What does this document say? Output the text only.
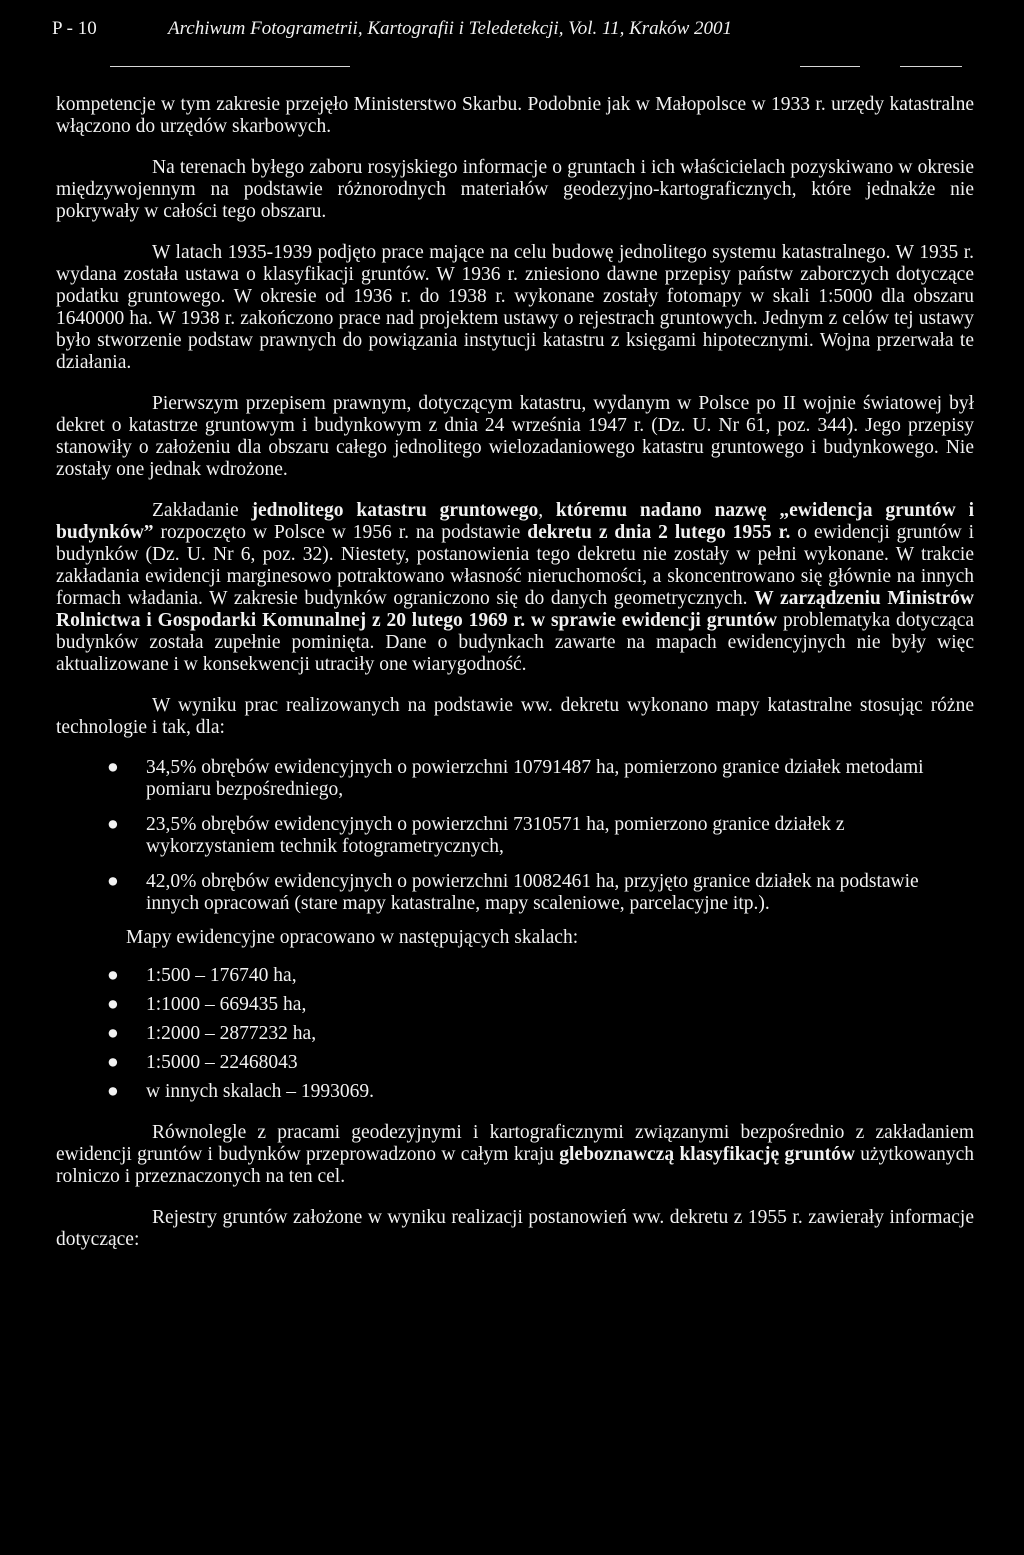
P - 10	Archiwum Fotogrametrii, Kartografii i Teledetekcji, Vol. 11, Kraków 2001

kompetencje w tym zakresie przejęło Ministerstwo Skarbu. Podobnie jak w Małopolsce w 1933 r. urzędy katastralne włączono do urzędów skarbowych.

Na terenach byłego zaboru rosyjskiego informacje o gruntach i ich właścicielach pozyskiwano w okresie międzywojennym na podstawie różnorodnych materiałów geodezyjno-kartograficznych, które jednakże nie pokrywały w całości tego obszaru.

W latach 1935-1939 podjęto prace mające na celu budowę jednolitego systemu katastralnego. W 1935 r. wydana została ustawa o klasyfikacji gruntów. W 1936 r. zniesiono dawne przepisy państw zaborczych dotyczące podatku gruntowego. W okresie od 1936 r. do 1938 r. wykonane zostały fotomapy w skali 1:5000 dla obszaru 1640000 ha. W 1938 r. zakończono prace nad projektem ustawy o rejestrach gruntowych. Jednym z celów tej ustawy było stworzenie podstaw prawnych do powiązania instytucji katastru z księgami hipotecznymi. Wojna przerwała te działania.

Pierwszym przepisem prawnym, dotyczącym katastru, wydanym w Polsce po II wojnie światowej był dekret o katastrze gruntowym i budynkowym z dnia 24 września 1947 r. (Dz. U. Nr 61, poz. 344). Jego przepisy stanowiły o założeniu dla obszaru całego jednolitego wielozadaniowego katastru gruntowego i budynkowego. Nie zostały one jednak wdrożone.

Zakładanie jednolitego katastru gruntowego, któremu nadano nazwę „ewidencja gruntów i budynków” rozpoczęto w Polsce w 1956 r. na podstawie dekretu z dnia 2 lutego 1955 r. o ewidencji gruntów i budynków (Dz. U. Nr 6, poz. 32). Niestety, postanowienia tego dekretu nie zostały w pełni wykonane. W trakcie zakładania ewidencji marginesowo potraktowano własność nieruchomości, a skoncentrowano się głównie na innych formach władania. W zakresie budynków ograniczono się do danych geometrycznych. W zarządzeniu Ministrów Rolnictwa i Gospodarki Komunalnej z 20 lutego 1969 r. w sprawie ewidencji gruntów problematyka dotycząca budynków została zupełnie pominięta. Dane o budynkach zawarte na mapach ewidencyjnych nie były więc aktualizowane i w konsekwencji utraciły one wiarygodność.

W wyniku prac realizowanych na podstawie ww. dekretu wykonano mapy katastralne stosując różne technologie i tak, dla:

● 34,5% obrębów ewidencyjnych o powierzchni 10791487 ha, pomierzono granice działek metodami pomiaru bezpośredniego,
● 23,5% obrębów ewidencyjnych o powierzchni 7310571 ha, pomierzono granice działek z wykorzystaniem technik fotogrametrycznych,
● 42,0% obrębów ewidencyjnych o powierzchni 10082461 ha, przyjęto granice działek na podstawie innych opracowań (stare mapy katastralne, mapy scaleniowe, parcelacyjne itp.).

Mapy ewidencyjne opracowano w następujących skalach:

● 1:500 – 176740 ha,
● 1:1000 – 669435 ha,
● 1:2000 – 2877232 ha,
● 1:5000 – 22468043
● w innych skalach – 1993069.

Równolegle z pracami geodezyjnymi i kartograficznymi związanymi bezpośrednio z zakładaniem ewidencji gruntów i budynków przeprowadzono w całym kraju gleboznawczą klasyfikację gruntów użytkowanych rolniczo i przeznaczonych na ten cel.

Rejestry gruntów założone w wyniku realizacji postanowień ww. dekretu z 1955 r. zawierały informacje dotyczące:
